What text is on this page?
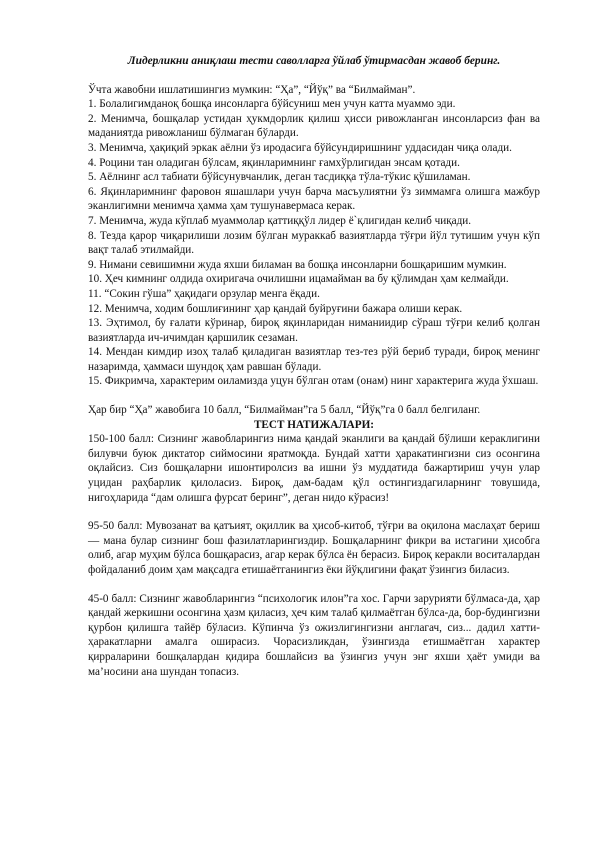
Лидерликни аниқлаш тести саволларга ўйлаб ўтирмасдан жавоб беринг.

Ўчта жавобни ишлатишингиз мумкин: “Ҳа”, “Йўқ” ва “Билмайман”.

1. Болалигимданоқ бошқа инсонларга бўйсуниш мен учун катта муаммо эди.

2. Менимча, бошқалар устидан ҳукмдорлик қилиш ҳисси ривожланган инсонларсиз фан ва маданиятда ривожланиш бўлмаган бўларди.

3. Менимча, ҳақиқий эркак аёлни ўз иродасига бўйсундиришнинг уддасидан чиқа олади.

4. Роцини тан оладиган бўлсам, яқинларимнинг ғамхўрлигидан энсам қотади.

5. Аёлнинг асл табиати бўйсунувчанлик, деган тасдиққа тўла-тўкис қўшиламан.

6. Яқинларимнинг фаровон яшашлари учун барча масъулиятни ўз зиммамга олишга мажбур эканлигимни менимча ҳамма ҳам тушунавермаса керак.

7. Менимча, жуда кўплаб муаммолар қаттиққўл лидер ё`қлигидан келиб чиқади.

8. Тезда қарор чиқарилиши лозим бўлган мураккаб вазиятларда тўғри йўл тутишим учун кўп вақт талаб этилмайди.

9. Нимани севишимни жуда яхши биламан ва бошқа инсонларни бошқаришим мумкин.

10. Ҳеч кимнинг олдида охиригача очилишни ицамайман ва бу қўлимдан ҳам келмайди.

11. “Сокин гўша” ҳақидаги орзулар менга ёқади.

12. Менимча, ходим бошлиғининг ҳар қандай буйруғини бажара олиши керак.

13. Эҳтимол, бу ғалати кўринар, бироқ яқинларидан ниманиидир сўраш тўғри келиб қолган вазиятларда ич-ичимдан қаршилик сезаман.

14. Мендан кимдир изоҳ талаб қиладиган вазиятлар тез-тез рўй бериб туради, бироқ менинг назаримда, ҳаммаси шундоқ ҳам равшан бўлади.

15. Фикримча, характерим оиламизда уцун бўлган отам (онам) нинг характерига жуда ўхшаш.

Ҳар бир “Ҳа” жавобига 10 балл, “Билмайман”га 5 балл, “Йўқ”га 0 балл белгиланг.

ТЕСТ НАТИЖАЛАРИ:

150-100 балл: Сизнинг жавобларингиз нима қандай эканлиги ва қандай бўлиши кераклигини билувчи буюк диктатор сиймосини яратмоқда. Бундай хатти ҳаракатингизни сиз осонгина оқлайсиз. Сиз бошқаларни ишонтиролсиз ва ишни ўз муддатида бажартириш учун улар уцидан раҳбарлик қилоласиз. Бироқ, дам-бадам қўл остингиздагиларнинг товушида, нигоҳларида “дам олишга фурсат беринг”, деган нидо кўрасиз!

95-50 балл: Мувозанат ва қатъият, оқиллик ва ҳисоб-китоб, тўғри ва оқилона маслаҳат бериш — мана булар сизнинг бош фазилатларингиздир. Бошқаларнинг фикри ва истагини ҳисобга олиб, агар муҳим бўлса бошқарасиз, агар керак бўлса ён берасиз. Бироқ керакли воситалардан фойдаланиб доим ҳам мақсадга етишаётганингиз ёки йўқлигини фақат ўзингиз биласиз.

45-0 балл: Сизнинг жавобларингиз “психологик илон”га хос. Гарчи зарурияти бўлмаса-да, ҳар қандай жеркишни осонгина ҳазм қиласиз, ҳеч ким талаб қилмаётган бўлса-да, бор-будингизни қурбон қилишга тайёр бўласиз. Кўпинча ўз ожизлигингизни англагач, сиз... дадил хатти-ҳаракатларни амалга оширасиз. Чорасизликдан, ўзингизда етишмаётган характер қирраларини бошқалардан қидира бошлайсиз ва ўзингиз учун энг яхши ҳаёт умиди ва ма’носини ана шундан топасиз.
